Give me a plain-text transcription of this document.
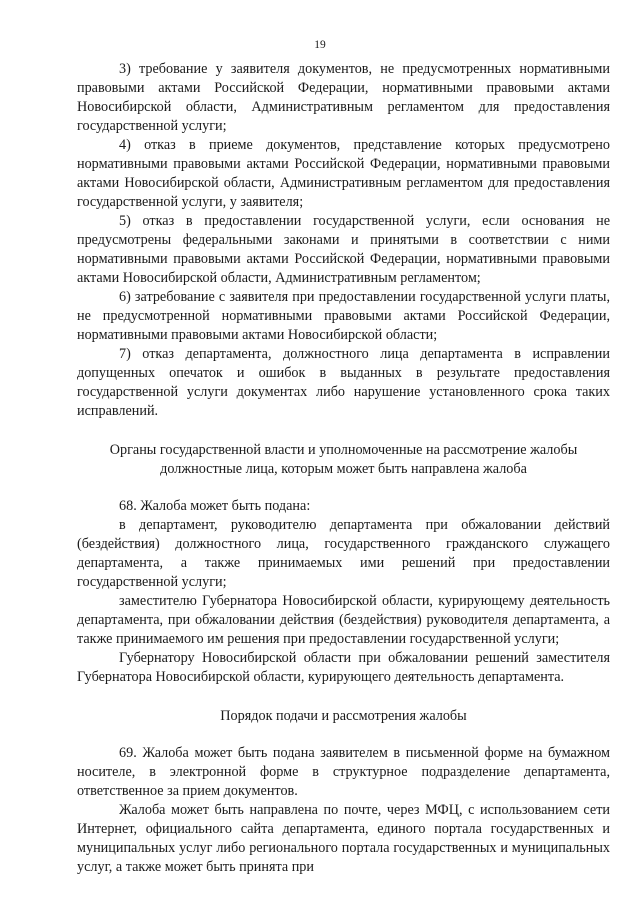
19

3) требование у заявителя документов, не предусмотренных нормативными правовыми актами Российской Федерации, нормативными правовыми актами Новосибирской области, Административным регламентом для предоставления государственной услуги;

4) отказ в приеме документов, представление которых предусмотрено нормативными правовыми актами Российской Федерации, нормативными правовыми актами Новосибирской области, Административным регламентом для предоставления государственной услуги, у заявителя;

5) отказ в предоставлении государственной услуги, если основания не предусмотрены федеральными законами и принятыми в соответствии с ними нормативными правовыми актами Российской Федерации, нормативными правовыми актами Новосибирской области, Административным регламентом;

6) затребование с заявителя при предоставлении государственной услуги платы, не предусмотренной нормативными правовыми актами Российской Федерации, нормативными правовыми актами Новосибирской области;

7) отказ департамента, должностного лица департамента в исправлении допущенных опечаток и ошибок в выданных в результате предоставления государственной услуги документах либо нарушение установленного срока таких исправлений.

Органы государственной власти и уполномоченные на рассмотрение жалобы должностные лица, которым может быть направлена жалоба

68. Жалоба может быть подана:

в департамент, руководителю департамента при обжаловании действий (бездействия) должностного лица, государственного гражданского служащего департамента, а также принимаемых ими решений при предоставлении государственной услуги;

заместителю Губернатора Новосибирской области, курирующему деятельность департамента, при обжаловании действия (бездействия) руководителя департамента, а также принимаемого им решения при предоставлении государственной услуги;

Губернатору Новосибирской области при обжаловании решений заместителя Губернатора Новосибирской области, курирующего деятельность департамента.

Порядок подачи и рассмотрения жалобы

69. Жалоба может быть подана заявителем в письменной форме на бумажном носителе, в электронной форме в структурное подразделение департамента, ответственное за прием документов.

Жалоба может быть направлена по почте, через МФЦ, с использованием сети Интернет, официального сайта департамента, единого портала государственных и муниципальных услуг либо регионального портала государственных и муниципальных услуг, а также может быть принята при
